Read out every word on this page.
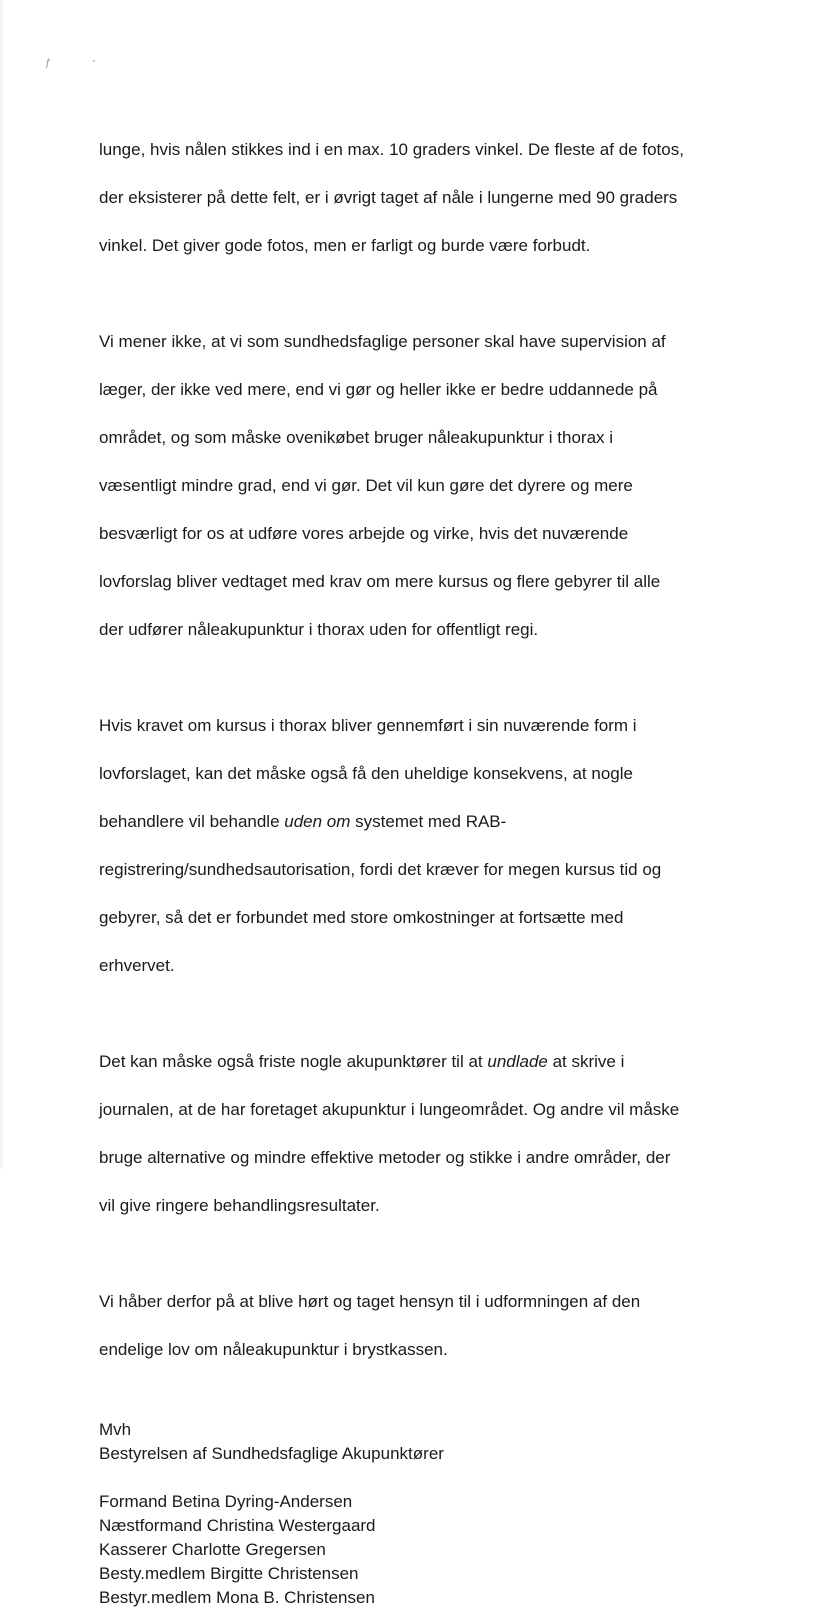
ƒ	-

lunge, hvis nålen stikkes ind i en max. 10 graders vinkel. De fleste af de fotos,

der eksisterer på dette felt, er i øvrigt taget af nåle i lungerne med 90 graders

vinkel. Det giver gode fotos, men er farligt og burde være forbudt.

Vi mener ikke, at vi som sundhedsfaglige personer skal have supervision af

læger, der ikke ved mere, end vi gør og heller ikke er bedre uddannede på

området, og som måske ovenikøbet bruger nåleakupunktur i thorax i

væsentligt mindre grad, end vi gør. Det vil kun gøre det dyrere og mere

besværligt for os at udføre vores arbejde og virke, hvis det nuværende

lovforslag bliver vedtaget med krav om mere kursus og flere gebyrer til alle

der udfører nåleakupunktur i thorax uden for offentligt regi.

Hvis kravet om kursus i thorax bliver gennemført i sin nuværende form i

lovforslaget, kan det måske også få den uheldige konsekvens, at nogle

behandlere vil behandle uden om systemet med RAB-

registrering/sundhedsautorisation, fordi det kræver for megen kursus tid og

gebyrer, så det er forbundet med store omkostninger at fortsætte med

erhvervet.

Det kan måske også friste nogle akupunktører til at undlade at skrive i

journalen, at de har foretaget akupunktur i lungeområdet. Og andre vil måske

bruge alternative og mindre effektive metoder og stikke i andre områder, der

vil give ringere behandlingsresultater.

Vi håber derfor på at blive hørt og taget hensyn til i udformningen af den

endelige lov om nåleakupunktur i brystkassen.

Mvh
Bestyrelsen af Sundhedsfaglige Akupunktører
Formand Betina Dyring-Andersen
Næstformand Christina Westergaard
Kasserer Charlotte Gregersen
Besty.medlem Birgitte Christensen
Bestyr.medlem Mona B. Christensen
